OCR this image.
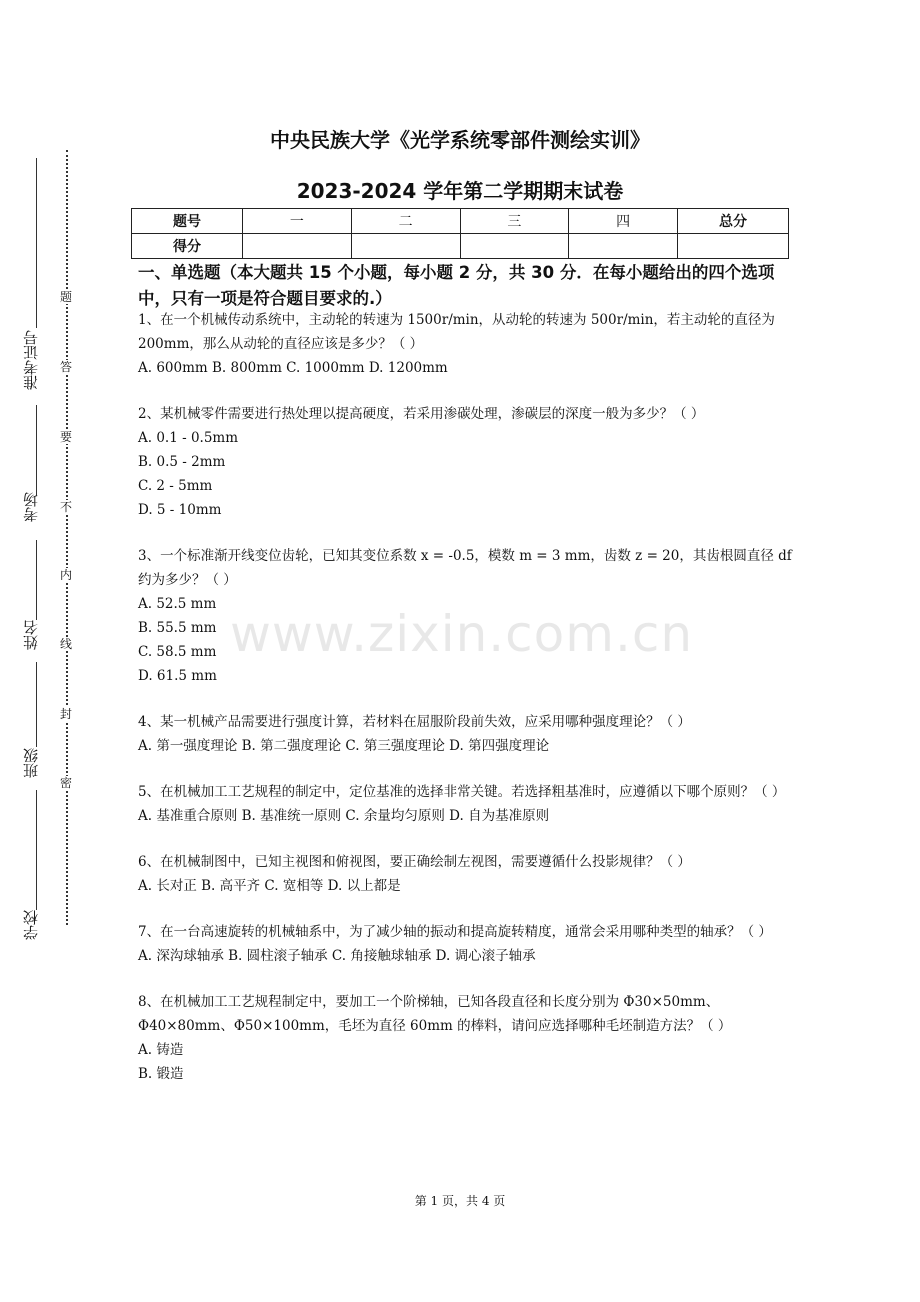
题
答
要
不
内
线
封
密
准考证号
考场
姓名
班级
学校
中央民族大学《光学系统零部件测绘实训》
2023-2024 学年第二学期期末试卷
题号	一	二	三	四	总分
得分					
一、单选题（本大题共 15 个小题，每小题 2 分，共 30 分．在每小题给出的四个选项中，只有一项是符合题目要求的.）
1、在一个机械传动系统中，主动轮的转速为 1500r/min，从动轮的转速为 500r/min，若主动轮的直径为 200mm，那么从动轮的直径应该是多少？（ ）
A. 600mm B. 800mm C. 1000mm D. 1200mm
2、某机械零件需要进行热处理以提高硬度，若采用渗碳处理，渗碳层的深度一般为多少？（ ）
A. 0.1 - 0.5mm
B. 0.5 - 2mm
C. 2 - 5mm
D. 5 - 10mm
3、一个标准渐开线变位齿轮，已知其变位系数 x = -0.5，模数 m = 3 mm，齿数 z = 20，其齿根圆直径 df 约为多少？（ ）
A. 52.5 mm
B. 55.5 mm
C. 58.5 mm
D. 61.5 mm
4、某一机械产品需要进行强度计算，若材料在屈服阶段前失效，应采用哪种强度理论？（ ）
A. 第一强度理论 B. 第二强度理论 C. 第三强度理论 D. 第四强度理论
5、在机械加工工艺规程的制定中，定位基准的选择非常关键。若选择粗基准时，应遵循以下哪个原则？（ ）
A. 基准重合原则 B. 基准统一原则 C. 余量均匀原则 D. 自为基准原则
6、在机械制图中，已知主视图和俯视图，要正确绘制左视图，需要遵循什么投影规律？（ ）
A. 长对正 B. 高平齐 C. 宽相等 D. 以上都是
7、在一台高速旋转的机械轴系中，为了减少轴的振动和提高旋转精度，通常会采用哪种类型的轴承？（ ）
A. 深沟球轴承 B. 圆柱滚子轴承 C. 角接触球轴承 D. 调心滚子轴承
8、在机械加工工艺规程制定中，要加工一个阶梯轴，已知各段直径和长度分别为 Φ30×50mm、Φ40×80mm、Φ50×100mm，毛坯为直径 60mm 的棒料，请问应选择哪种毛坯制造方法？（ ）
A. 铸造
B. 锻造
www.zixin.com.cn
第 1 页，共 4 页
